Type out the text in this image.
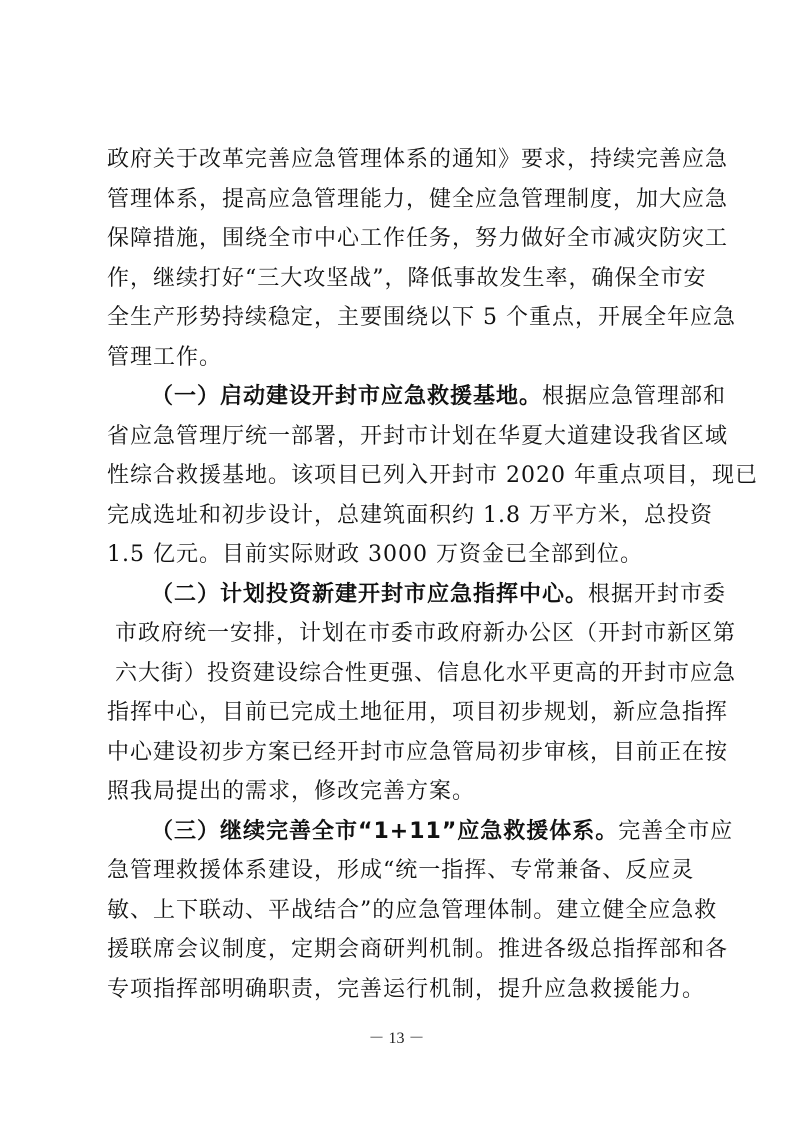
政府关于改革完善应急管理体系的通知》要求，持续完善应急
管理体系，提高应急管理能力，健全应急管理制度，加大应急
保障措施，围绕全市中心工作任务，努力做好全市减灾防灾工
作，继续打好“三大攻坚战”，降低事故发生率，确保全市安
全生产形势持续稳定，主要围绕以下 5 个重点，开展全年应急
管理工作。
（一）启动建设开封市应急救援基地。根据应急管理部和
省应急管理厅统一部署，开封市计划在华夏大道建设我省区域
性综合救援基地。该项目已列入开封市 2020 年重点项目，现已
完成选址和初步设计，总建筑面积约 1.8 万平方米，总投资
1.5 亿元。目前实际财政 3000 万资金已全部到位。
（二）计划投资新建开封市应急指挥中心。根据开封市委
市政府统一安排，计划在市委市政府新办公区（开封市新区第
六大街）投资建设综合性更强、信息化水平更高的开封市应急
指挥中心，目前已完成土地征用，项目初步规划，新应急指挥
中心建设初步方案已经开封市应急管局初步审核，目前正在按
照我局提出的需求，修改完善方案。
（三）继续完善全市“1+11”应急救援体系。完善全市应
急管理救援体系建设，形成“统一指挥、专常兼备、反应灵
－ 13 －
敏、上下联动、平战结合”的应急管理体制。建立健全应急救
援联席会议制度，定期会商研判机制。推进各级总指挥部和各
专项指挥部明确职责，完善运行机制，提升应急救援能力。
